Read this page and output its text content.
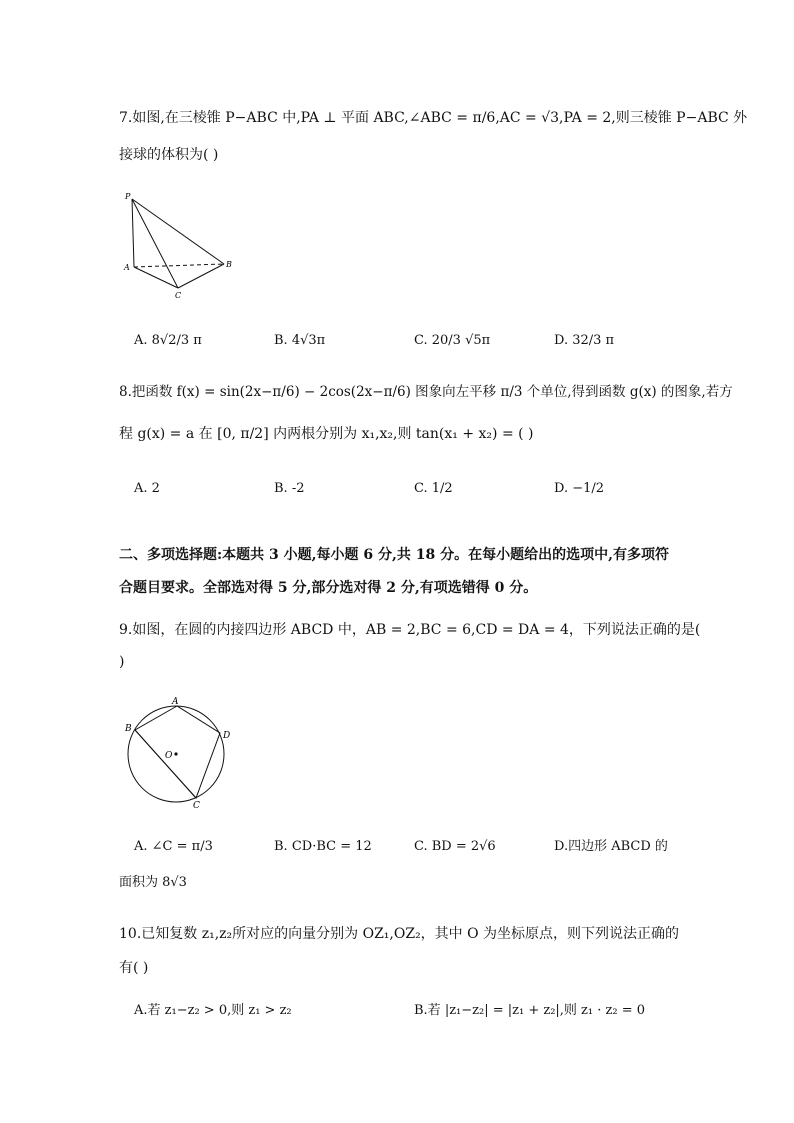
7.如图,在三棱锥 P−ABC 中,PA ⊥ 平面 ABC,∠ABC = π/6,AC = √3,PA = 2,则三棱锥 P−ABC 外
接球的体积为( )
P
A	B
C
A. 8√2/3 π	B. 4√3π	C. 20/3 √5π	D. 32/3 π
8.把函数 f(x) = sin(2x−π/6) − 2cos(2x−π/6) 图象向左平移 π/3 个单位,得到函数 g(x) 的图象,若方
程 g(x) = a 在 [0, π/2] 内两根分别为 x₁,x₂,则 tan(x₁ + x₂) = ( )
A. 2	B. -2	C. 1/2	D. −1/2
二、多项选择题:本题共 3 小题,每小题 6 分,共 18 分。在每小题给出的选项中,有多项符
合题目要求。全部选对得 5 分,部分选对得 2 分,有项选错得 0 分。
9.如图，在圆的内接四边形 ABCD 中，AB = 2,BC = 6,CD = DA = 4，下列说法正确的是(
)
A
B
C
D
O
A. ∠C = π/3	B. CD·BC = 12	C. BD = 2√6	D.四边形 ABCD 的
面积为 8√3
10.已知复数 z₁,z₂所对应的向量分别为 OZ₁,OZ₂，其中 O 为坐标原点，则下列说法正确的
有( )
A.若 z₁−z₂ > 0,则 z₁ > z₂	B.若 |z₁−z₂| = |z₁ + z₂|,则 z₁ · z₂ = 0
